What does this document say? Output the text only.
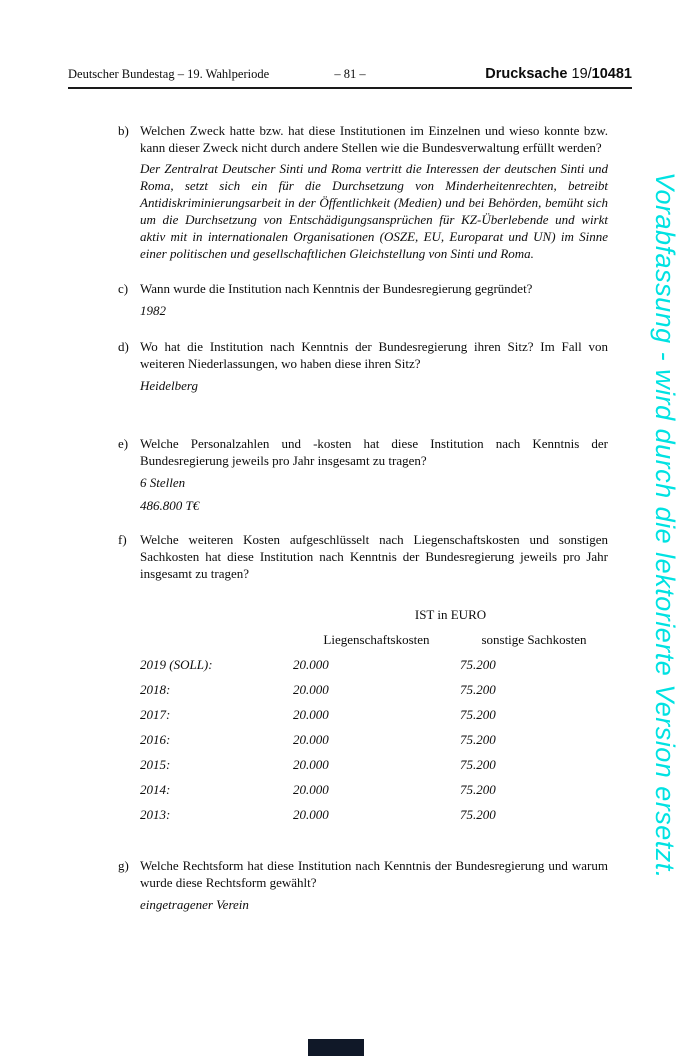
Deutscher Bundestag – 19. Wahlperiode	– 81 –	Drucksache 19/10481
b) Welchen Zweck hatte bzw. hat diese Institutionen im Einzelnen und wieso konnte bzw. kann dieser Zweck nicht durch andere Stellen wie die Bundesverwaltung erfüllt werden?

Der Zentralrat Deutscher Sinti und Roma vertritt die Interessen der deutschen Sinti und Roma, setzt sich ein für die Durchsetzung von Minderheitenrechten, betreibt Antidiskriminierungsarbeit in der Öffentlichkeit (Medien) und bei Behörden, bemüht sich um die Durchsetzung von Entschädigungsansprüchen für KZ-Überlebende und wirkt aktiv mit in internationalen Organisationen (OSZE, EU, Europarat und UN) im Sinne einer politischen und gesellschaftlichen Gleichstellung von Sinti und Roma.

c) Wann wurde die Institution nach Kenntnis der Bundesregierung gegründet?

1982

d) Wo hat die Institution nach Kenntnis der Bundesregierung ihren Sitz? Im Fall von weiteren Niederlassungen, wo haben diese ihren Sitz?

Heidelberg

e) Welche Personalzahlen und -kosten hat diese Institution nach Kenntnis der Bundesregierung jeweils pro Jahr insgesamt zu tragen?

6 Stellen

486.800 T€

f)	Welche weiteren Kosten aufgeschlüsselt nach Liegenschaftskosten und sonstigen Sachkosten hat diese Institution nach Kenntnis der Bundesregierung jeweils pro Jahr insgesamt zu tragen?

IST in EURO
Liegenschaftskosten	sonstige Sachkosten
2019 (SOLL):	20.000	75.200
2018:	20.000	75.200
2017:	20.000	75.200
2016:	20.000	75.200
2015:	20.000	75.200
2014:	20.000	75.200
2013:	20.000	75.200
g) Welche Rechtsform hat diese Institution nach Kenntnis der Bundesregierung und warum wurde diese Rechtsform gewählt?

eingetragener Verein

Vorabfassung - wird durch die lektorierte Version ersetzt.
